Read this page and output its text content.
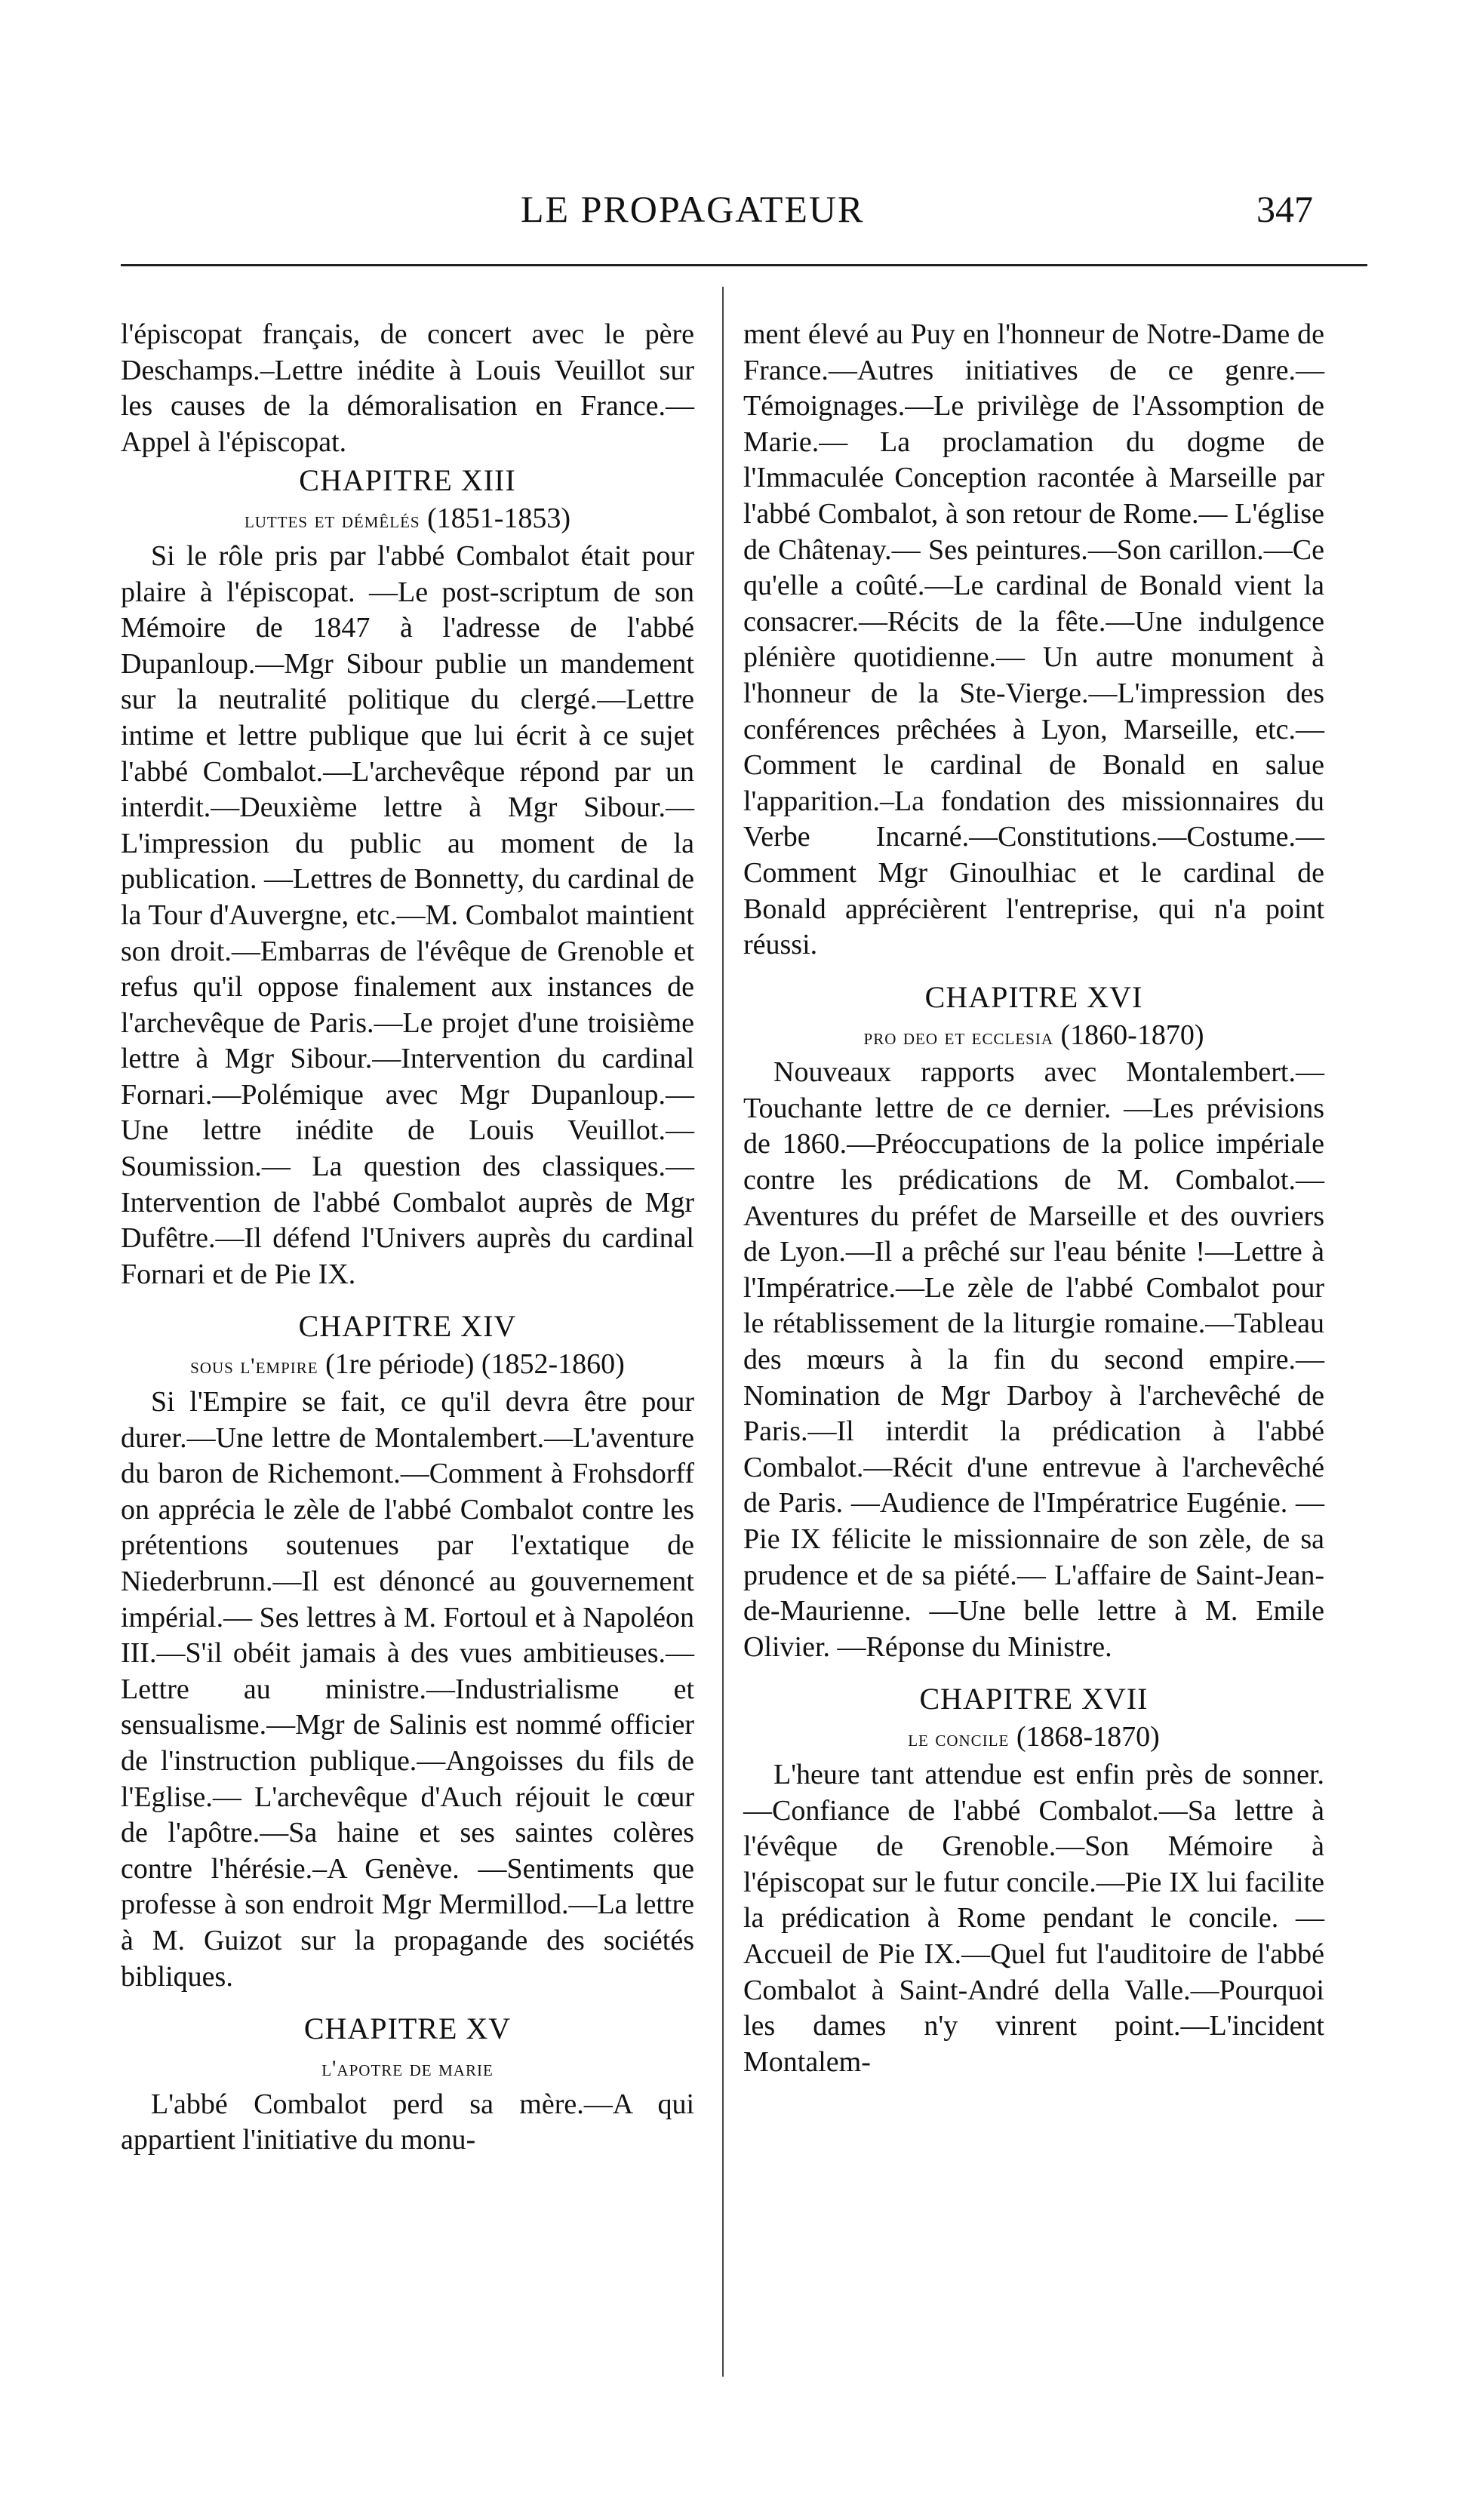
LE PROPAGATEUR	347

l'épiscopat français, de concert avec le père Deschamps.–Lettre inédite à Louis Veuillot sur les causes de la démoralisation en France.—Appel à l'épiscopat.

CHAPITRE XIII

luttes et démêlés (1851-1853)

Si le rôle pris par l'abbé Combalot était pour plaire à l'épiscopat. —Le post-scriptum de son Mémoire de 1847 à l'adresse de l'abbé Dupanloup.—Mgr Sibour publie un mandement sur la neutralité politique du clergé.—Lettre intime et lettre publique que lui écrit à ce sujet l'abbé Combalot.—L'archevêque répond par un interdit.—Deuxième lettre à Mgr Sibour.—L'impression du public au moment de la publication. —Lettres de Bonnetty, du cardinal de la Tour d'Auvergne, etc.—M. Combalot maintient son droit.—Embarras de l'évêque de Grenoble et refus qu'il oppose finalement aux instances de l'archevêque de Paris.—Le projet d'une troisième lettre à Mgr Sibour.—Intervention du cardinal Fornari.—Polémique avec Mgr Dupanloup.—Une lettre inédite de Louis Veuillot.—Soumission.— La question des classiques.—Intervention de l'abbé Combalot auprès de Mgr Dufêtre.—Il défend l'Univers auprès du cardinal Fornari et de Pie IX.

CHAPITRE XIV

sous l'empire (1re période) (1852-1860)

Si l'Empire se fait, ce qu'il devra être pour durer.—Une lettre de Montalembert.—L'aventure du baron de Richemont.—Comment à Frohsdorff on apprécia le zèle de l'abbé Combalot contre les prétentions soutenues par l'extatique de Niederbrunn.—Il est dénoncé au gouvernement impérial.— Ses lettres à M. Fortoul et à Napoléon III.—S'il obéit jamais à des vues ambitieuses.—Lettre au ministre.—Industrialisme et sensualisme.—Mgr de Salinis est nommé officier de l'instruction publique.—Angoisses du fils de l'Eglise.— L'archevêque d'Auch réjouit le cœur de l'apôtre.—Sa haine et ses saintes colères contre l'hérésie.–A Genève. —Sentiments que professe à son endroit Mgr Mermillod.—La lettre à M. Guizot sur la propagande des sociétés bibliques.

CHAPITRE XV

l'apotre de marie

L'abbé Combalot perd sa mère.—A qui appartient l'initiative du monu-

ment élevé au Puy en l'honneur de Notre-Dame de France.—Autres initiatives de ce genre.—Témoignages.—Le privilège de l'Assomption de Marie.— La proclamation du dogme de l'Immaculée Conception racontée à Marseille par l'abbé Combalot, à son retour de Rome.— L'église de Châtenay.— Ses peintures.—Son carillon.—Ce qu'elle a coûté.—Le cardinal de Bonald vient la consacrer.—Récits de la fête.—Une indulgence plénière quotidienne.— Un autre monument à l'honneur de la Ste-Vierge.—L'impression des conférences prêchées à Lyon, Marseille, etc.—Comment le cardinal de Bonald en salue l'apparition.–La fondation des missionnaires du Verbe Incarné.—Constitutions.—Costume.—Comment Mgr Ginoulhiac et le cardinal de Bonald apprécièrent l'entreprise, qui n'a point réussi.

CHAPITRE XVI

pro deo et ecclesia (1860-1870)

Nouveaux rapports avec Montalembert.—Touchante lettre de ce dernier. —Les prévisions de 1860.—Préoccupations de la police impériale contre les prédications de M. Combalot.—Aventures du préfet de Marseille et des ouvriers de Lyon.—Il a prêché sur l'eau bénite !—Lettre à l'Impératrice.—Le zèle de l'abbé Combalot pour le rétablissement de la liturgie romaine.—Tableau des mœurs à la fin du second empire.—Nomination de Mgr Darboy à l'archevêché de Paris.—Il interdit la prédication à l'abbé Combalot.—Récit d'une entrevue à l'archevêché de Paris. —Audience de l'Impératrice Eugénie. —Pie IX félicite le missionnaire de son zèle, de sa prudence et de sa piété.— L'affaire de Saint-Jean-de-Maurienne. —Une belle lettre à M. Emile Olivier. —Réponse du Ministre.

CHAPITRE XVII

le concile (1868-1870)

L'heure tant attendue est enfin près de sonner.—Confiance de l'abbé Combalot.—Sa lettre à l'évêque de Grenoble.—Son Mémoire à l'épiscopat sur le futur concile.—Pie IX lui facilite la prédication à Rome pendant le concile. —Accueil de Pie IX.—Quel fut l'auditoire de l'abbé Combalot à Saint-André della Valle.—Pourquoi les dames n'y vinrent point.—L'incident Montalem-
